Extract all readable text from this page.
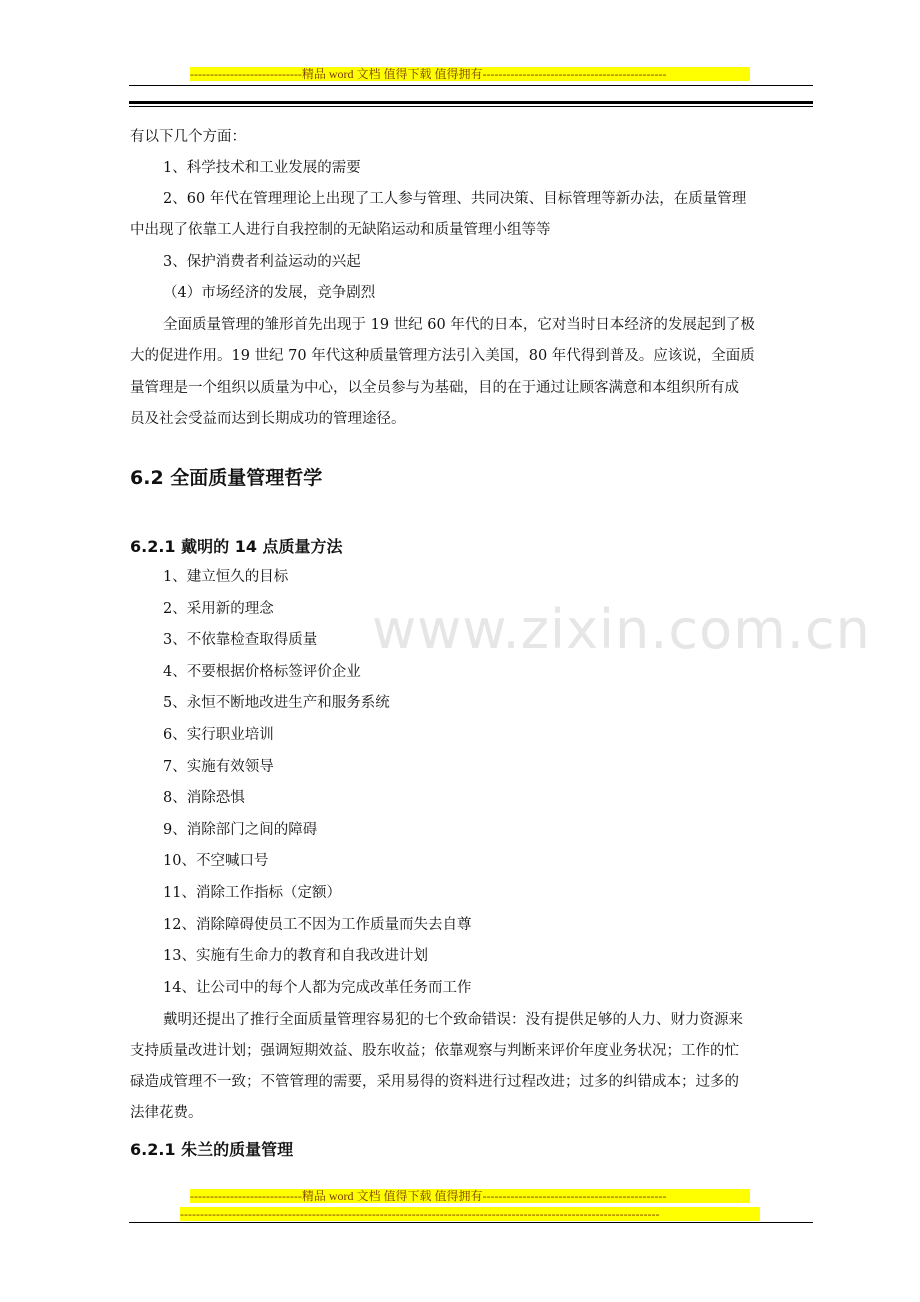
----------------------------精品 word 文档 值得下载 值得拥有----------------------------------------------
www.zixin.com.cn
有以下几个方面：
1、科学技术和工业发展的需要
2、60 年代在管理理论上出现了工人参与管理、共同决策、目标管理等新办法，在质量管理
中出现了依靠工人进行自我控制的无缺陷运动和质量管理小组等等
3、保护消费者利益运动的兴起
（4）市场经济的发展，竞争剧烈
全面质量管理的雏形首先出现于 19 世纪 60 年代的日本，它对当时日本经济的发展起到了极
大的促进作用。19 世纪 70 年代这种质量管理方法引入美国，80 年代得到普及。应该说，全面质
量管理是一个组织以质量为中心，以全员参与为基础，目的在于通过让顾客满意和本组织所有成
员及社会受益而达到长期成功的管理途径。
6.2 全面质量管理哲学
6.2.1 戴明的 14 点质量方法
1、建立恒久的目标
2、采用新的理念
3、不依靠检查取得质量
4、不要根据价格标签评价企业
5、永恒不断地改进生产和服务系统
6、实行职业培训
7、实施有效领导
8、消除恐惧
9、消除部门之间的障碍
10、不空喊口号
11、消除工作指标（定额）
12、消除障碍使员工不因为工作质量而失去自尊
13、实施有生命力的教育和自我改进计划
14、让公司中的每个人都为完成改革任务而工作
戴明还提出了推行全面质量管理容易犯的七个致命错误：没有提供足够的人力、财力资源来
支持质量改进计划；强调短期效益、股东收益；依靠观察与判断来评价年度业务状况；工作的忙
碌造成管理不一致；不管管理的需要，采用易得的资料进行过程改进；过多的纠错成本；过多的
法律花费。
6.2.1 朱兰的质量管理
----------------------------精品 word 文档 值得下载 值得拥有----------------------------------------------
------------------------------------------------------------------------------------------------------------------------
